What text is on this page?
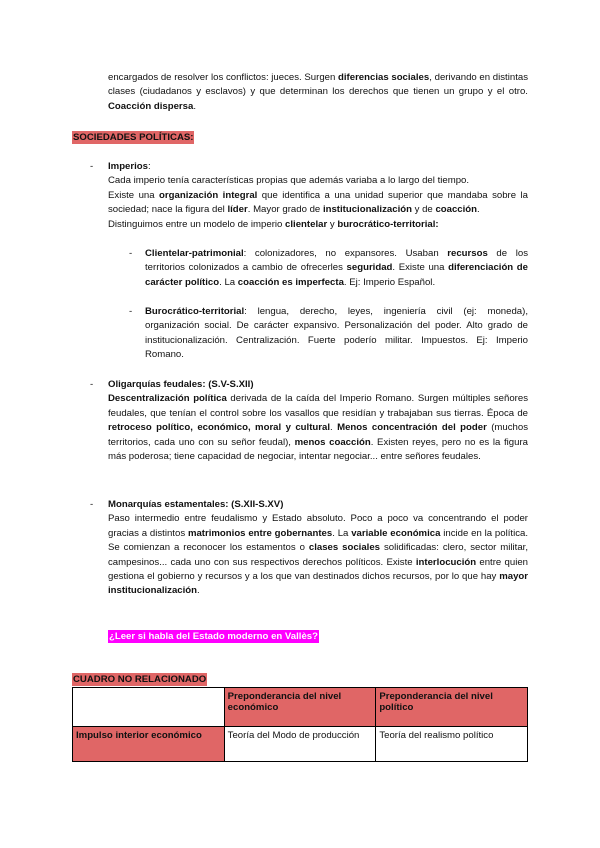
encargados de resolver los conflictos: jueces. Surgen diferencias sociales, derivando en distintas clases (ciudadanos y esclavos) y que determinan los derechos que tienen un grupo y el otro. Coacción dispersa.
SOCIEDADES POLÍTICAS:
- Imperios:
Cada imperio tenía características propias que además variaba a lo largo del tiempo.
Existe una organización integral que identifica a una unidad superior que mandaba sobre la sociedad; nace la figura del líder. Mayor grado de institucionalización y de coacción.
Distinguimos entre un modelo de imperio clientelar y burocrático-territorial:
- Clientelar-patrimonial: colonizadores, no expansores. Usaban recursos de los territorios colonizados a cambio de ofrecerles seguridad. Existe una diferenciación de carácter político. La coacción es imperfecta. Ej: Imperio Español.
- Burocrático-territorial: lengua, derecho, leyes, ingeniería civil (ej: moneda), organización social. De carácter expansivo. Personalización del poder. Alto grado de institucionalización. Centralización. Fuerte poderío militar. Impuestos. Ej: Imperio Romano.
- Oligarquías feudales: (S.V-S.XII)
Descentralización política derivada de la caída del Imperio Romano. Surgen múltiples señores feudales, que tenían el control sobre los vasallos que residían y trabajaban sus tierras. Época de retroceso político, económico, moral y cultural. Menos concentración del poder (muchos territorios, cada uno con su señor feudal), menos coacción. Existen reyes, pero no es la figura más poderosa; tiene capacidad de negociar, intentar negociar... entre señores feudales.
- Monarquías estamentales: (S.XII-S.XV)
Paso intermedio entre feudalismo y Estado absoluto. Poco a poco va concentrando el poder gracias a distintos matrimonios entre gobernantes. La variable económica incide en la política. Se comienzan a reconocer los estamentos o clases sociales solidificadas: clero, sector militar, campesinos... cada uno con sus respectivos derechos políticos. Existe interlocución entre quien gestiona el gobierno y recursos y a los que van destinados dichos recursos, por lo que hay mayor institucionalización.
¿Leer si habla del Estado moderno en Vallès?
CUADRO NO RELACIONADO
	Preponderancia del nivel económico	Preponderancia del nivel político
Impulso interior económico	Teoría del Modo de producción	Teoría del realismo político
